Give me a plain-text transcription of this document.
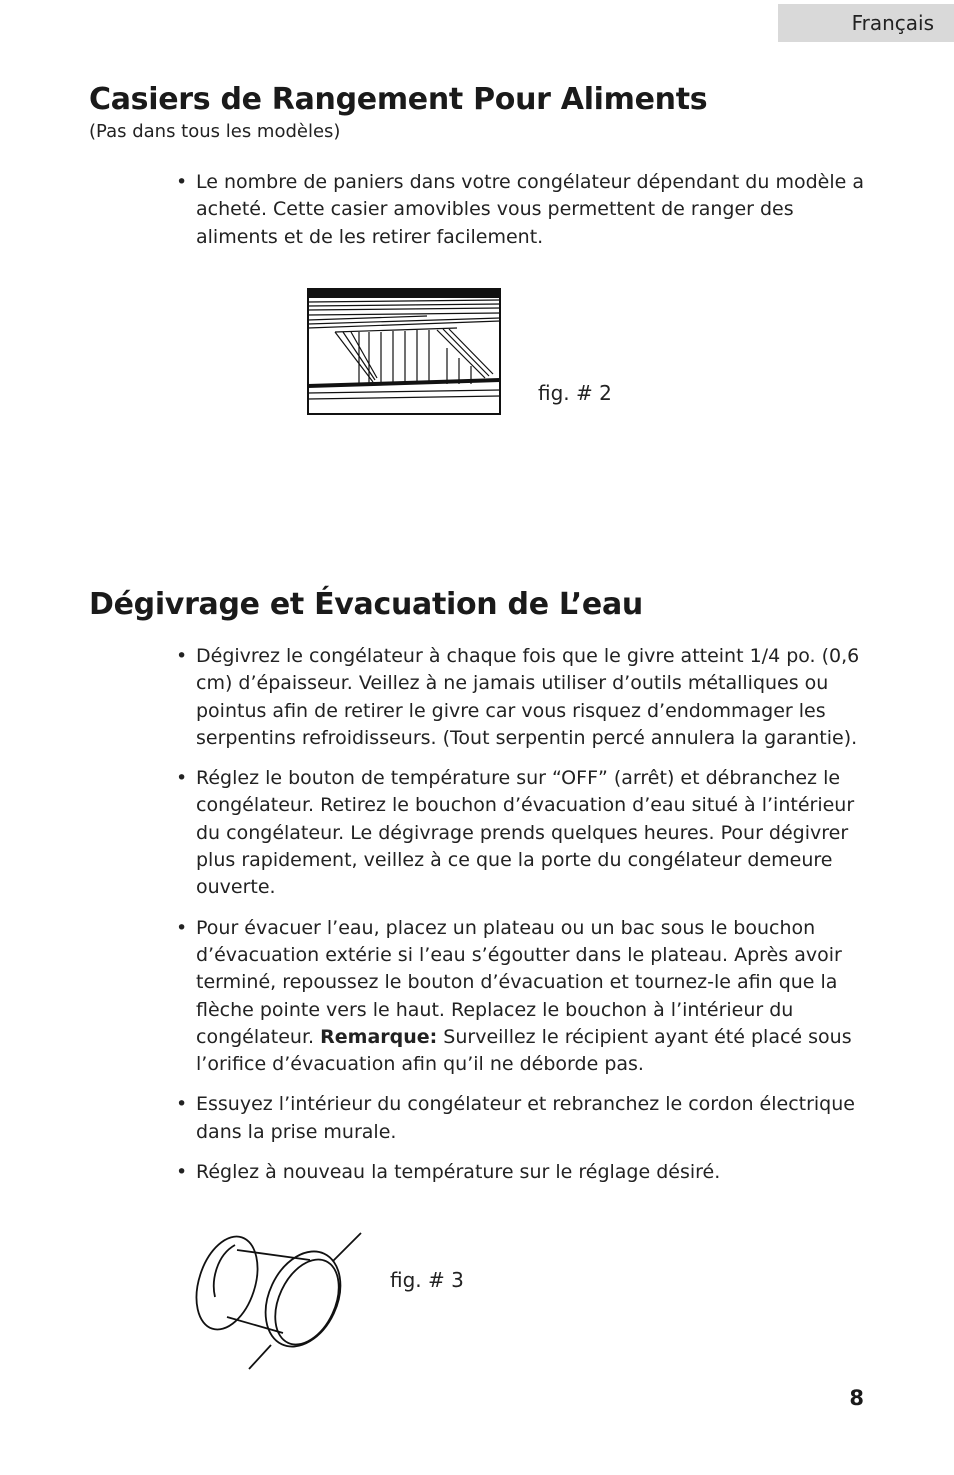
Français
Casiers de Rangement Pour Aliments
(Pas dans tous les modèles)
• Le nombre de paniers dans votre congélateur dépendant du modèle a acheté. Cette casier amovibles vous permettent de ranger des aliments et de les retirer facilement.
fig. # 2
Dégivrage et Évacuation de L’eau
• Dégivrez le congélateur à chaque fois que le givre atteint 1/4 po. (0,6 cm) d’épaisseur. Veillez à ne jamais utiliser d’outils métalliques ou pointus afin de retirer le givre car vous risquez d’endommager les serpentins refroidisseurs. (Tout serpentin percé annulera la garantie).
• Réglez le bouton de température sur “OFF” (arrêt) et débranchez le congélateur. Retirez le bouchon d’évacuation d’eau situé à l’intérieur du congélateur. Le dégivrage prends quelques heures. Pour dégivrer plus rapidement, veillez à ce que la porte du congélateur demeure ouverte.
• Pour évacuer l’eau, placez un plateau ou un bac sous le bouchon d’évacuation extérie si l’eau s’égoutter dans le plateau. Après avoir terminé, repoussez le bouton d’évacuation et tournez-le afin que la flèche pointe vers le haut. Replacez le bouchon à l’intérieur du congélateur. Remarque: Surveillez le récipient ayant été placé sous l’orifice d’évacuation afin qu’il ne déborde pas.
• Essuyez l’intérieur du congélateur et rebranchez le cordon électrique dans la prise murale.
• Réglez à nouveau la température sur le réglage désiré.
fig. # 3
8
